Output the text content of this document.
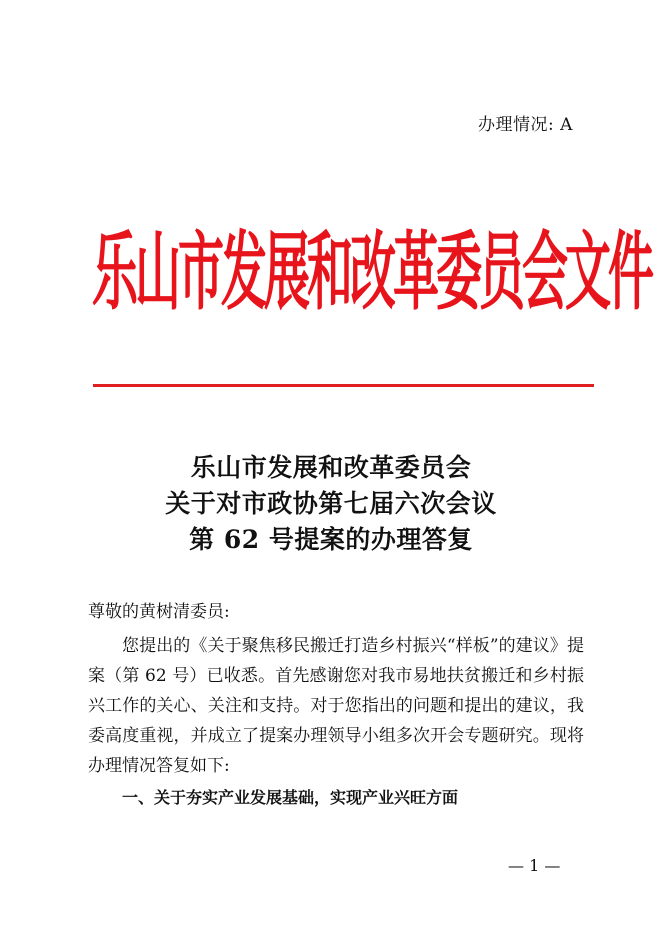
办理情况: A
乐山市发展和改革委员会文件
乐山市发展和改革委员会
关于对市政协第七届六次会议
第 62 号提案的办理答复

尊敬的黄树清委员:

您提出的《关于聚焦移民搬迁打造乡村振兴“样板”的建议》提案（第 62 号）已收悉。首先感谢您对我市易地扶贫搬迁和乡村振兴工作的关心、关注和支持。对于您指出的问题和提出的建议，我委高度重视，并成立了提案办理领导小组多次开会专题研究。现将办理情况答复如下:

一、关于夯实产业发展基础，实现产业兴旺方面

— 1 —
